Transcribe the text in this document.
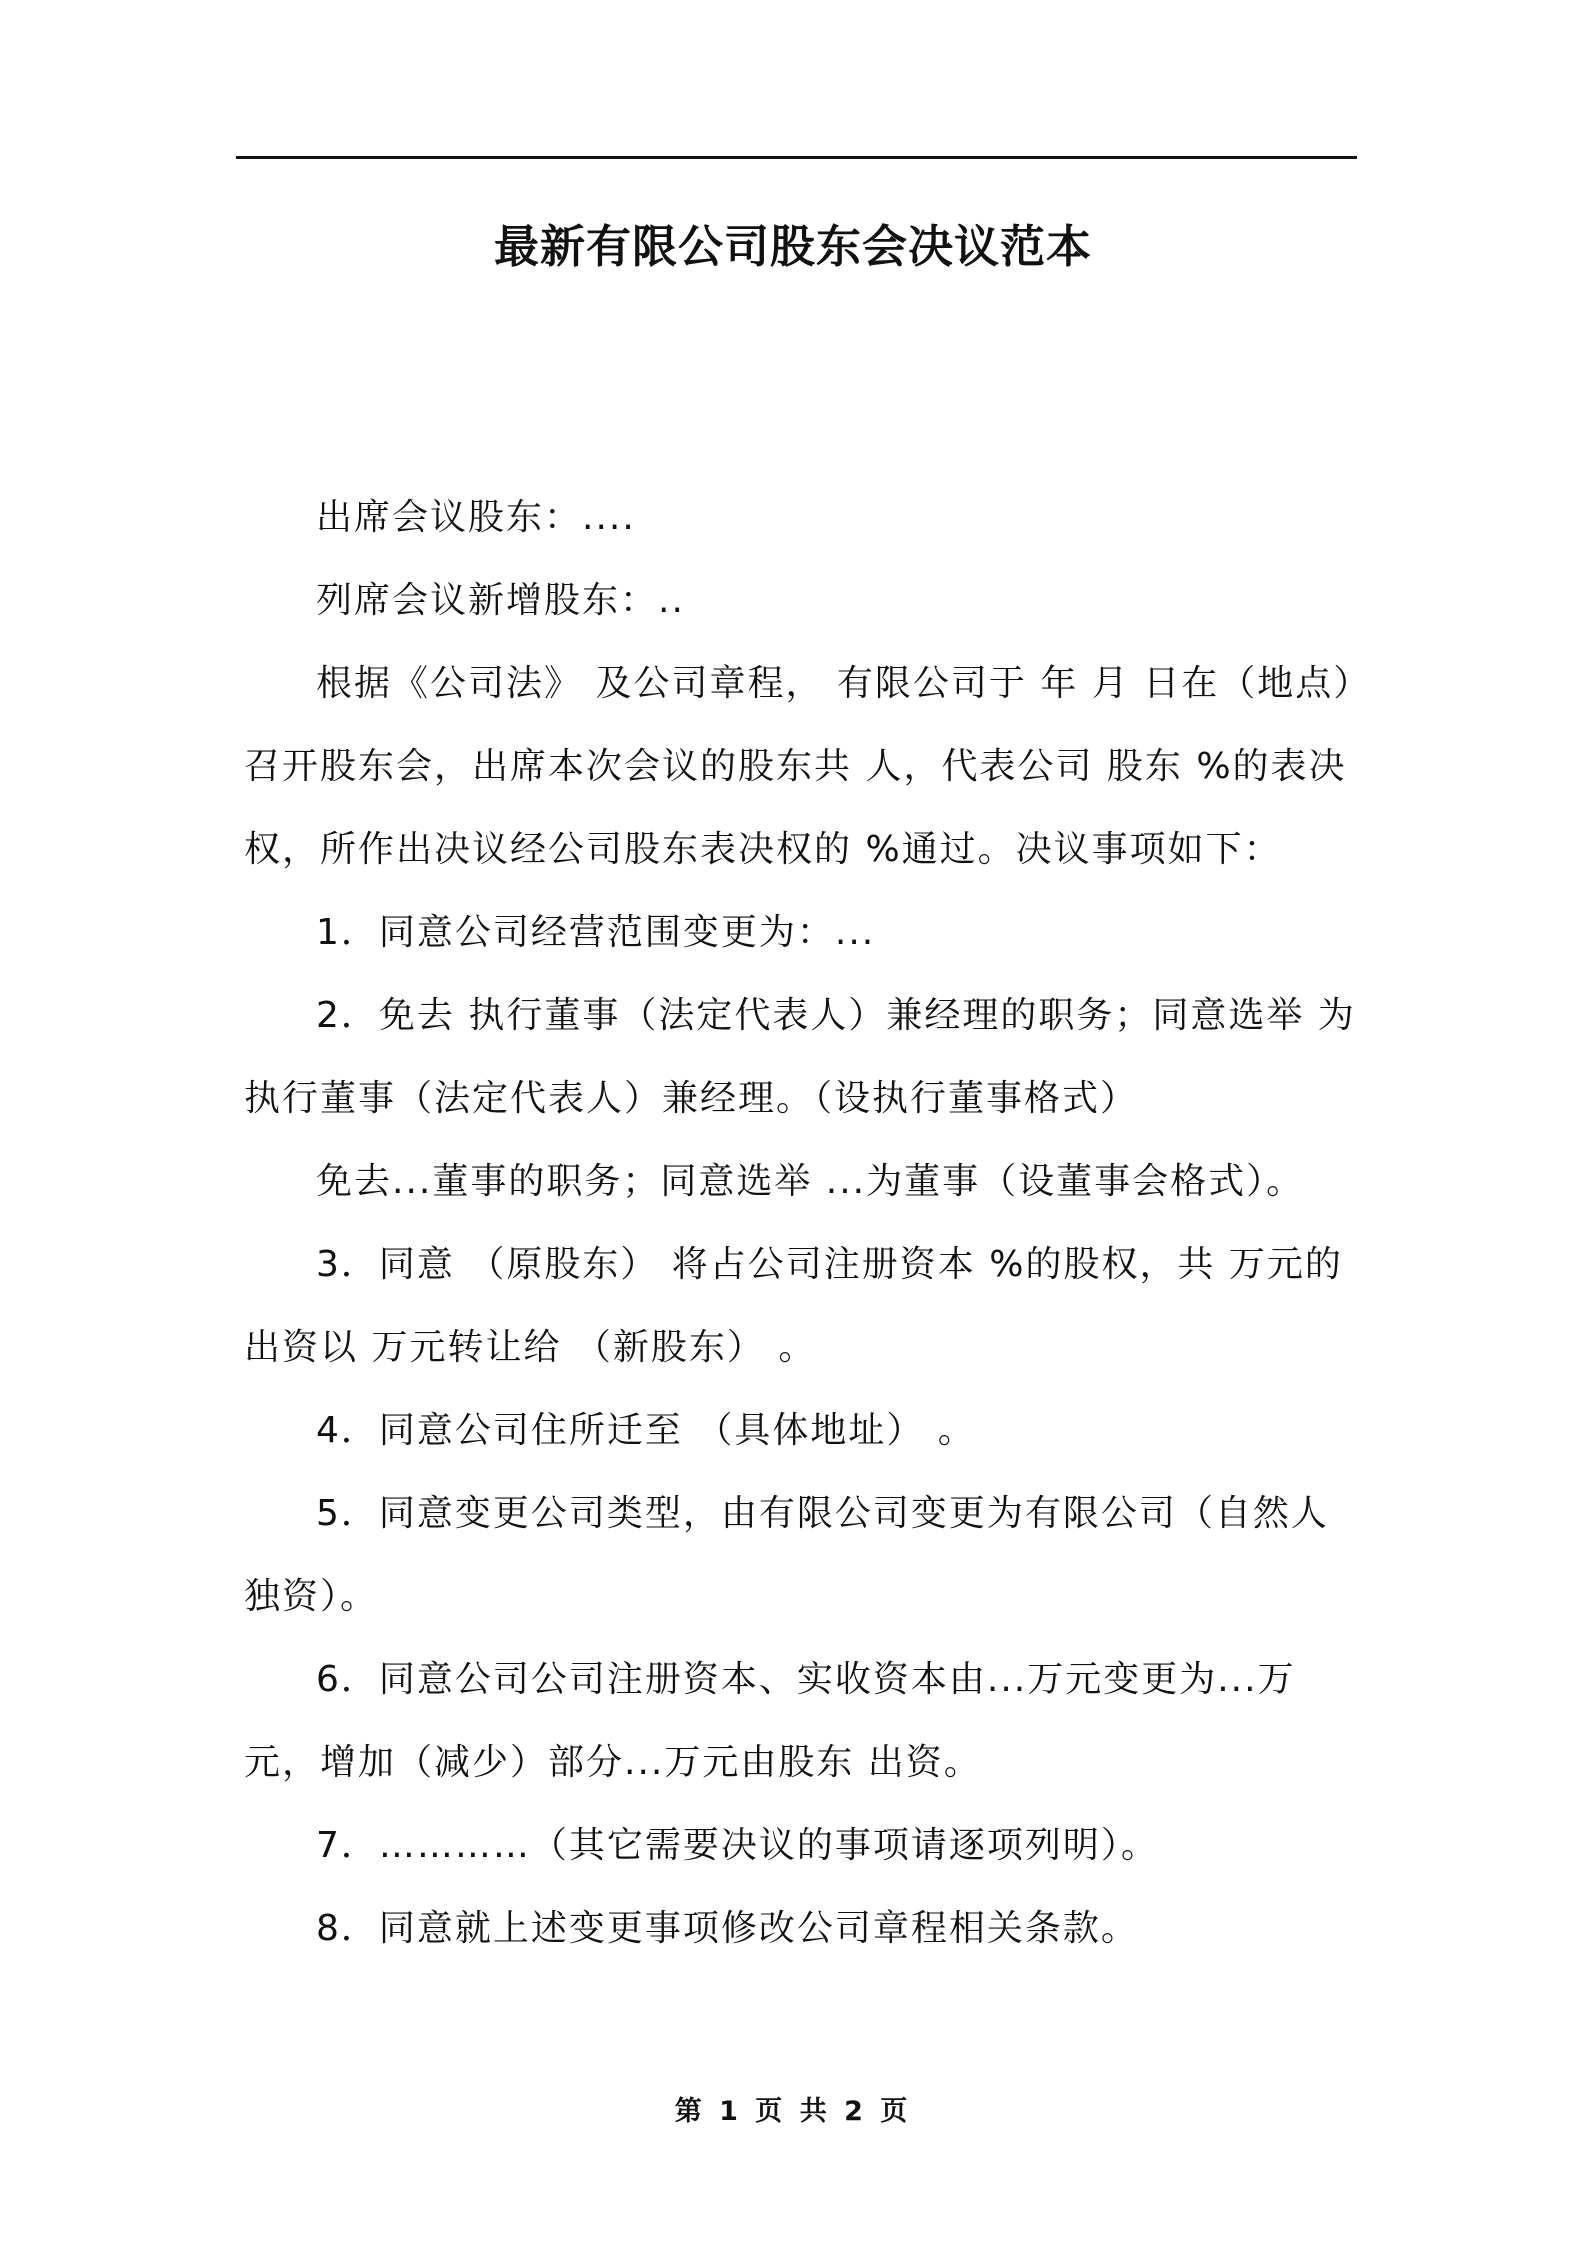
最新有限公司股东会决议范本

出席会议股东：....

列席会议新增股东：..

根据《公司法》 及公司章程， 有限公司于 年 月 日在（地点）召开股东会，出席本次会议的股东共 人，代表公司 股东 %的表决权，所作出决议经公司股东表决权的 %通过。决议事项如下：

1．同意公司经营范围变更为：...

2．免去 执行董事（法定代表人）兼经理的职务；同意选举 为执行董事（法定代表人）兼经理。（设执行董事格式）

免去...董事的职务；同意选举 ...为董事（设董事会格式）。

3．同意 （原股东） 将占公司注册资本 %的股权，共 万元的出资以 万元转让给 （新股东） 。

4．同意公司住所迁至 （具体地址） 。

5．同意变更公司类型，由有限公司变更为有限公司（自然人独资）。

6．同意公司公司注册资本、实收资本由...万元变更为...万元，增加（减少）部分...万元由股东 出资。

7．…………（其它需要决议的事项请逐项列明）。

8．同意就上述变更事项修改公司章程相关条款。

第 1 页 共 2 页
